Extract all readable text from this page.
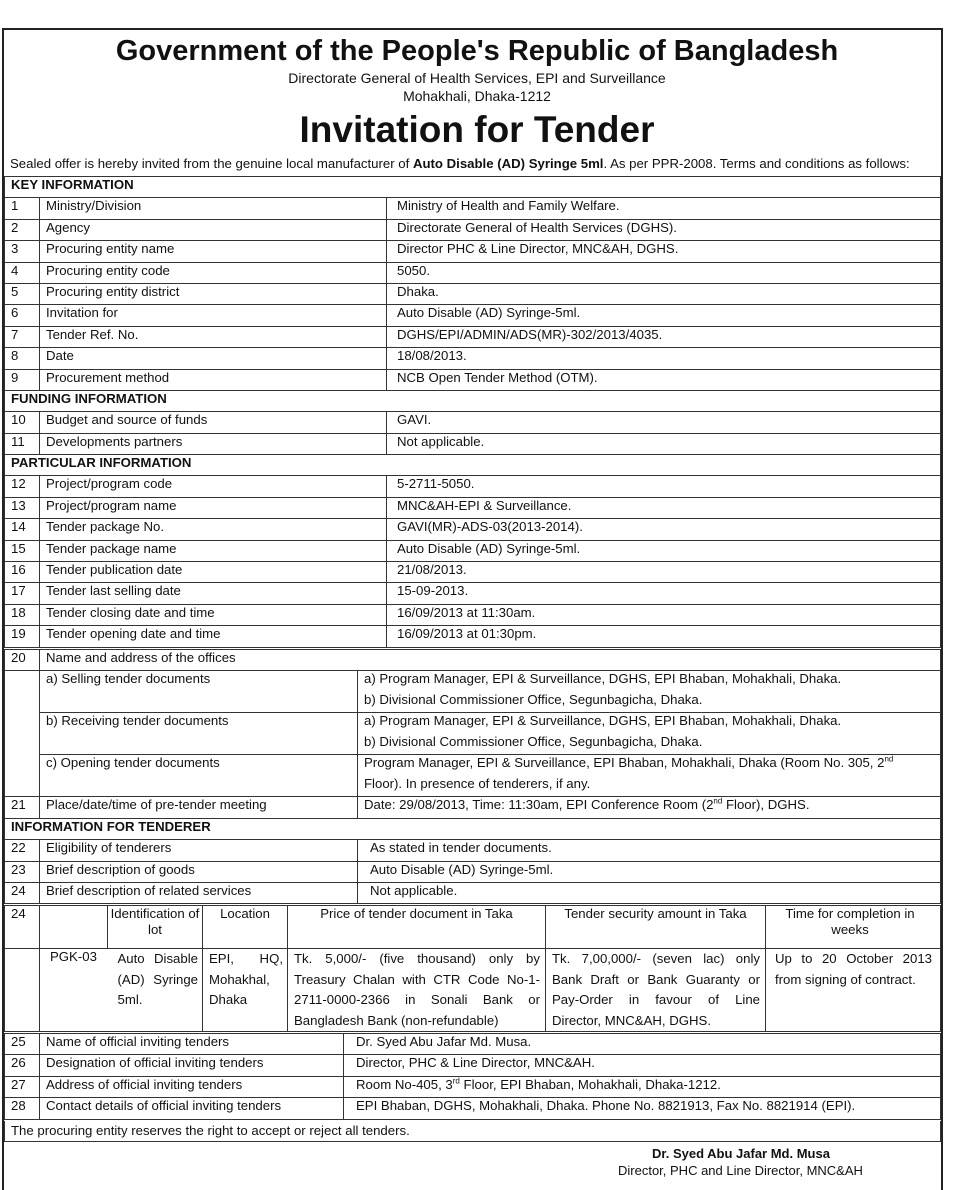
Government of the People's Republic of Bangladesh
Directorate General of Health Services, EPI and Surveillance
Mohakhali, Dhaka-1212
Invitation for Tender
Sealed offer is hereby invited from the genuine local manufacturer of Auto Disable (AD) Syringe 5ml. As per PPR-2008. Terms and conditions as follows:
KEY INFORMATION		
1	Ministry/Division	Ministry of Health and Family Welfare.
2	Agency	Directorate General of Health Services (DGHS).
3	Procuring entity name	Director PHC & Line Director, MNC&AH, DGHS.
4	Procuring entity code	5050.
5	Procuring entity district	Dhaka.
6	Invitation for	Auto Disable (AD) Syringe-5ml.
7	Tender Ref. No.	DGHS/EPI/ADMIN/ADS(MR)-302/2013/4035.
8	Date	18/08/2013.
9	Procurement method	NCB Open Tender Method (OTM).
FUNDING INFORMATION		
10	Budget and source of funds	GAVI.
11	Developments partners	Not applicable.
PARTICULAR INFORMATION		
12	Project/program code	5-2711-5050.
13	Project/program name	MNC&AH-EPI & Surveillance.
14	Tender package No.	GAVI(MR)-ADS-03(2013-2014).
15	Tender package name	Auto Disable (AD) Syringe-5ml.
16	Tender publication date	21/08/2013.
17	Tender last selling date	15-09-2013.
18	Tender closing date and time	16/09/2013 at 11:30am.
19	Tender opening date and time	16/09/2013 at 01:30pm.
20	Name and address of the offices	
	a) Selling tender documents	a) Program Manager, EPI & Surveillance, DGHS, EPI Bhaban, Mohakhali, Dhaka.
b) Divisional Commissioner Office, Segunbagicha, Dhaka.

	b) Receiving tender documents	a) Program Manager, EPI & Surveillance, DGHS, EPI Bhaban, Mohakhali, Dhaka.
b) Divisional Commissioner Office, Segunbagicha, Dhaka.

	c) Opening tender documents	Program Manager, EPI & Surveillance, EPI Bhaban, Mohakhali, Dhaka (Room No. 305, 2nd
Floor). In presence of tenderers, if any.

21	Place/date/time of pre-tender meeting	Date: 29/08/2013, Time: 11:30am, EPI Conference Room (2nd Floor), DGHS.
INFORMATION FOR TENDERER		
22	Eligibility of tenderers	As stated in tender documents.
23	Brief description of goods	Auto Disable (AD) Syringe-5ml.
24	Brief description of related services	Not applicable.
24		Identification of lot	Location	Price of tender document in Taka	Tender security amount in Taka	Time for completion in weeks
	PGK-03	Auto Disable (AD) Syringe 5ml.	EPI, HQ, Mohakhal, Dhaka	Tk. 5,000/- (five thousand) only by Treasury Chalan with CTR Code No-1-2711-0000-2366 in Sonali Bank or Bangladesh Bank (non-refundable)	Tk. 7,00,000/- (seven lac) only Bank Draft or Bank Guaranty or Pay-Order in favour of Line Director, MNC&AH, DGHS.	Up to 20 October 2013 from signing of contract.
25	Name of official inviting tenders	Dr. Syed Abu Jafar Md. Musa.
26	Designation of official inviting tenders	Director, PHC & Line Director, MNC&AH.
27	Address of official inviting tenders	Room No-405, 3rd Floor, EPI Bhaban, Mohakhali, Dhaka-1212.
28	Contact details of official inviting tenders	EPI Bhaban, DGHS, Mohakhali, Dhaka. Phone No. 8821913, Fax No. 8821914 (EPI).
The procuring entity reserves the right to accept or reject all tenders.
Dr. Syed Abu Jafar Md. Musa
Director, PHC and Line Director, MNC&AH
